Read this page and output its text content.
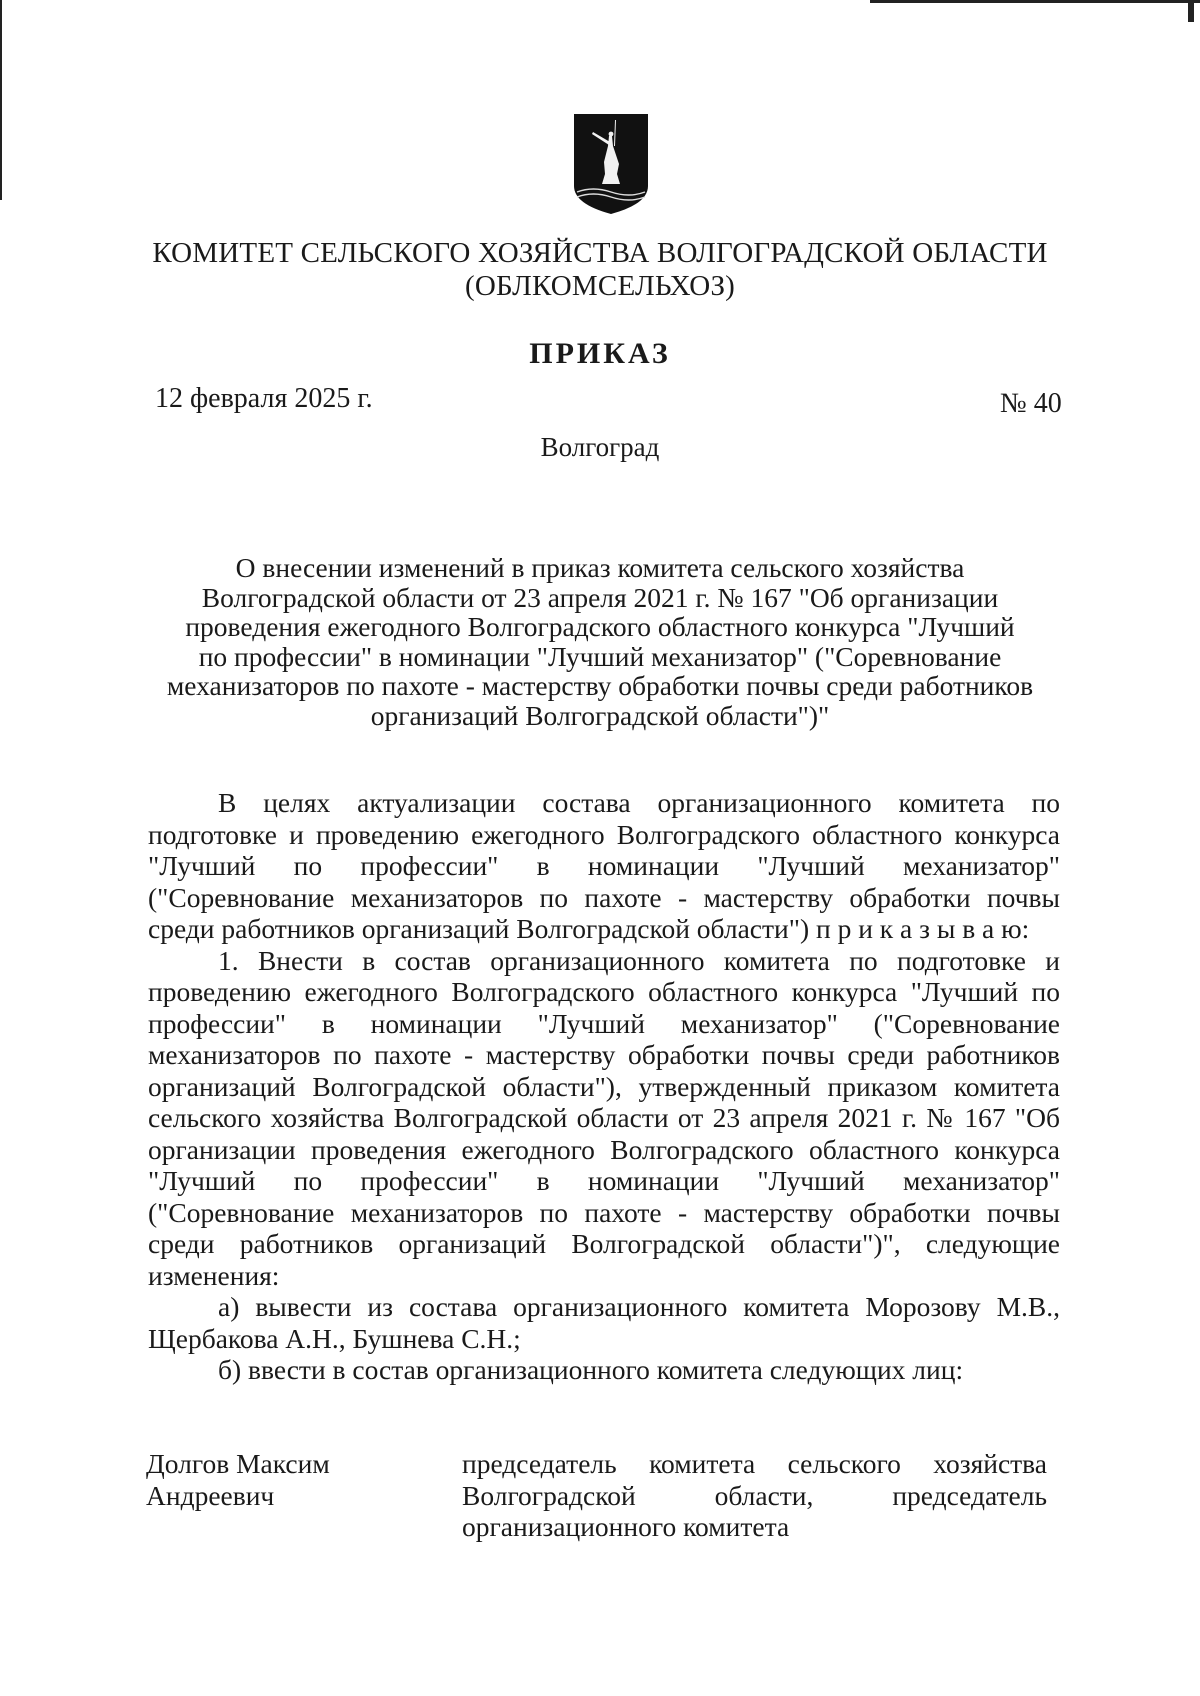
КОМИТЕТ СЕЛЬСКОГО ХОЗЯЙСТВА ВОЛГОГРАДСКОЙ ОБЛАСТИ
(ОБЛКОМСЕЛЬХОЗ)
ПРИКАЗ
12 февраля 2025 г.	№ 40
Волгоград
О внесении изменений в приказ комитета сельского хозяйства
Волгоградской области от 23 апреля 2021 г. № 167 "Об организации
проведения ежегодного Волгоградского областного конкурса "Лучший
по профессии" в номинации "Лучший механизатор" ("Соревнование
механизаторов по пахоте - мастерству обработки почвы среди работников
организаций Волгоградской области")"

В целях актуализации состава организационного комитета по подготовке и проведению ежегодного Волгоградского областного конкурса "Лучший по профессии" в номинации "Лучший механизатор" ("Соревнование механизаторов по пахоте - мастерству обработки почвы среди работников организаций Волгоградской области") п р и к а з ы в а ю:

1. Внести в состав организационного комитета по подготовке и проведению ежегодного Волгоградского областного конкурса "Лучший по профессии" в номинации "Лучший механизатор" ("Соревнование механизаторов по пахоте - мастерству обработки почвы среди работников организаций Волгоградской области"), утвержденный приказом комитета сельского хозяйства Волгоградской области от 23 апреля 2021 г. № 167 "Об организации проведения ежегодного Волгоградского областного конкурса "Лучший по профессии" в номинации "Лучший механизатор" ("Соревнование механизаторов по пахоте - мастерству обработки почвы среди работников организаций Волгоградской области")", следующие изменения:

а) вывести из состава организационного комитета Морозову М.В., Щербакова А.Н., Бушнева С.Н.;

б) ввести в состав организационного комитета следующих лиц:

Долгов Максим
Андреевич

председатель комитета сельского хозяйства

Волгоградской области, председатель

организационного комитета
